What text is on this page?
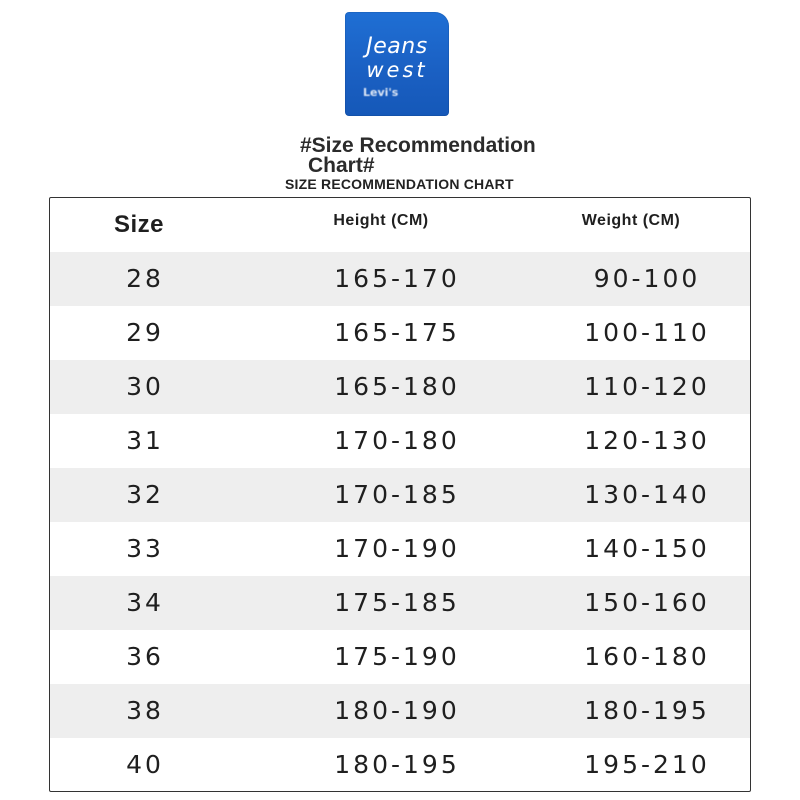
Jeans
west
Levi's
#Size Recommendation
Chart#
SIZE RECOMMENDATION CHART
Size	Height (CM)	Weight (CM)
28	165-170	90-100
29	165-175	100-110
30	165-180	110-120
31	170-180	120-130
32	170-185	130-140
33	170-190	140-150
34	175-185	150-160
36	175-190	160-180
38	180-190	180-195
40	180-195	195-210
